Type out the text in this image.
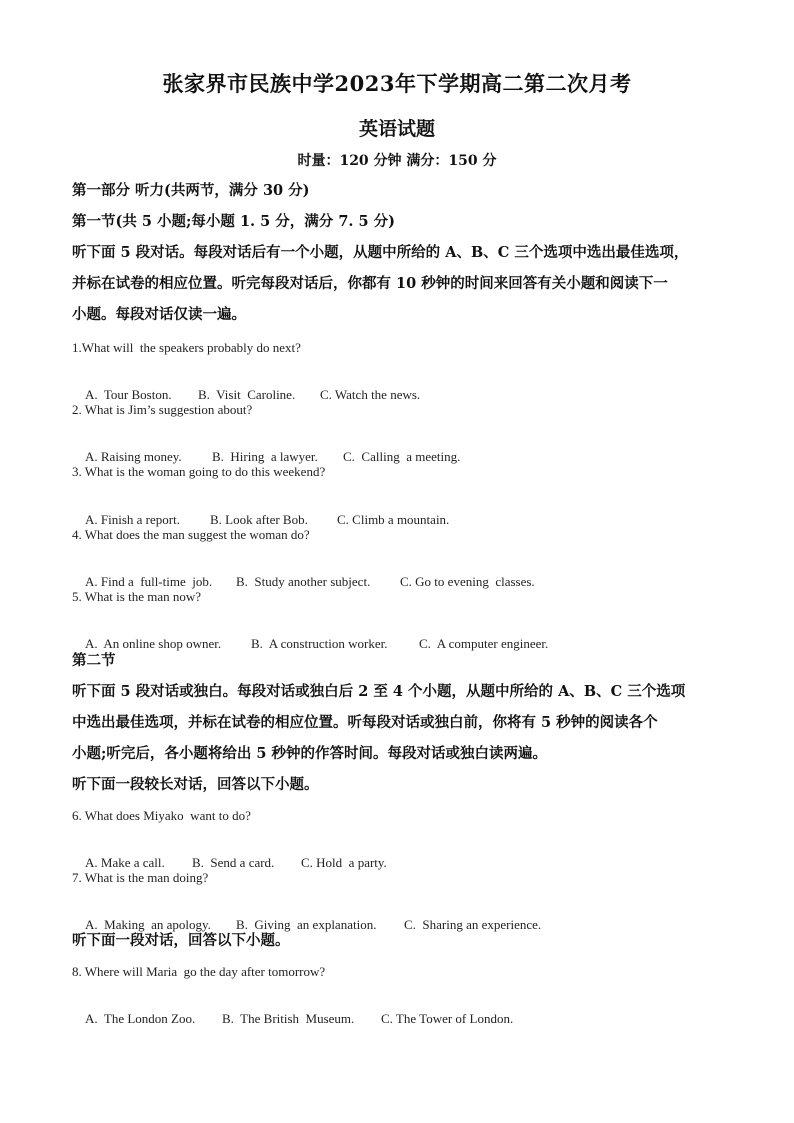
张家界市民族中学2023年下学期高二第二次月考
英语试题
时量：120 分钟 满分：150 分
第一部分 听力(共两节，满分 30 分)
第一节(共 5 小题;每小题 1. 5 分，满分 7. 5 分)
听下面 5 段对话。每段对话后有一个小题，从题中所给的 A、B、C 三个选项中选出最佳选项，
并标在试卷的相应位置。听完每段对话后，你都有 10 秒钟的时间来回答有关小题和阅读下一
小题。每段对话仅读一遍。
1.What will  the speakers probably do next?

A.  Tour Boston. B.  Visit  Caroline. C. Watch the news.

2. What is Jim’s suggestion about?

A. Raising money. B.  Hiring  a lawyer. C.  Calling  a meeting.

3. What is the woman going to do this weekend?

A. Finish a report. B. Look after Bob. C. Climb a mountain.

4. What does the man suggest the woman do?

A. Find a  full-time  job. B.  Study another subject. C. Go to evening  classes.

5. What is the man now?

A.  An online shop owner. B.  A construction worker. C.  A computer engineer.

第二节
听下面 5 段对话或独白。每段对话或独白后 2 至 4 个小题，从题中所给的 A、B、C 三个选项
中选出最佳选项，并标在试卷的相应位置。听每段对话或独白前，你将有 5 秒钟的阅读各个
小题;听完后，各小题将给出 5 秒钟的作答时间。每段对话或独白读两遍。
听下面一段较长对话，回答以下小题。
6. What does Miyako  want to do?

A. Make a call. B.  Send a card. C. Hold  a party.

7. What is the man doing?

A.  Making  an apology. B.  Giving  an explanation. C.  Sharing an experience.

听下面一段对话，回答以下小题。
8. Where will Maria  go the day after tomorrow?

A.  The London Zoo. B.  The British  Museum. C. The Tower of London.
